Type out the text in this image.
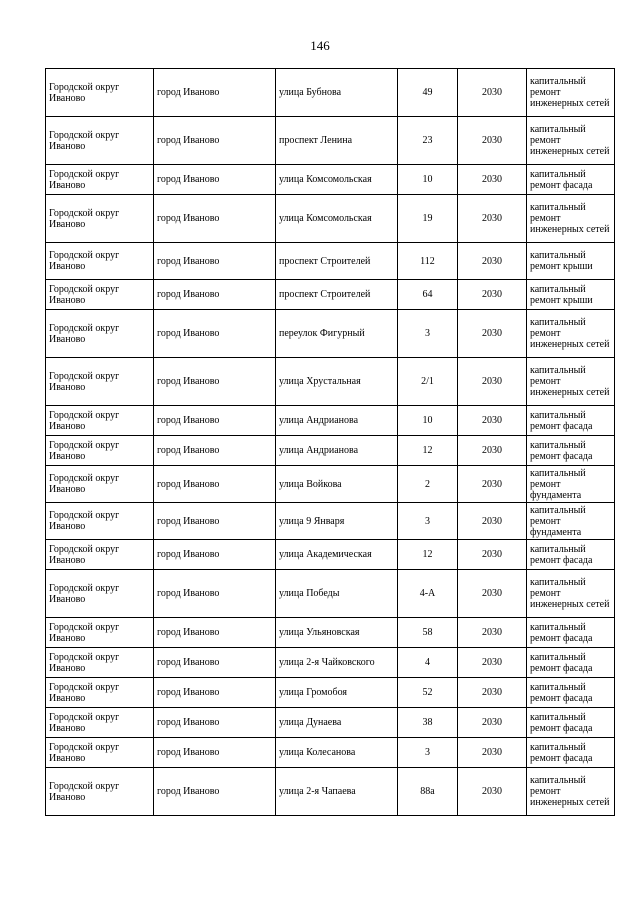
146
Городской округ Иваново	город Иваново	улица Бубнова	49	2030	капитальный ремонт инженерных сетей
Городской округ Иваново	город Иваново	проспект Ленина	23	2030	капитальный ремонт инженерных сетей
Городской округ Иваново	город Иваново	улица Комсомольская	10	2030	капитальный ремонт фасада
Городской округ Иваново	город Иваново	улица Комсомольская	19	2030	капитальный ремонт инженерных сетей
Городской округ Иваново	город Иваново	проспект Строителей	112	2030	капитальный ремонт крыши
Городской округ Иваново	город Иваново	проспект Строителей	64	2030	капитальный ремонт крыши
Городской округ Иваново	город Иваново	переулок Фигурный	3	2030	капитальный ремонт инженерных сетей
Городской округ Иваново	город Иваново	улица Хрустальная	2/1	2030	капитальный ремонт инженерных сетей
Городской округ Иваново	город Иваново	улица Андрианова	10	2030	капитальный ремонт фасада
Городской округ Иваново	город Иваново	улица Андрианова	12	2030	капитальный ремонт фасада
Городской округ Иваново	город Иваново	улица Войкова	2	2030	капитальный ремонт фундамента
Городской округ Иваново	город Иваново	улица 9 Января	3	2030	капитальный ремонт фундамента
Городской округ Иваново	город Иваново	улица Академическая	12	2030	капитальный ремонт фасада
Городской округ Иваново	город Иваново	улица Победы	4-А	2030	капитальный ремонт инженерных сетей
Городской округ Иваново	город Иваново	улица Ульяновская	58	2030	капитальный ремонт фасада
Городской округ Иваново	город Иваново	улица 2-я Чайковского	4	2030	капитальный ремонт фасада
Городской округ Иваново	город Иваново	улица Громобоя	52	2030	капитальный ремонт фасада
Городской округ Иваново	город Иваново	улица Дунаева	38	2030	капитальный ремонт фасада
Городской округ Иваново	город Иваново	улица Колесанова	3	2030	капитальный ремонт фасада
Городской округ Иваново	город Иваново	улица 2-я Чапаева	88а	2030	капитальный ремонт инженерных сетей
